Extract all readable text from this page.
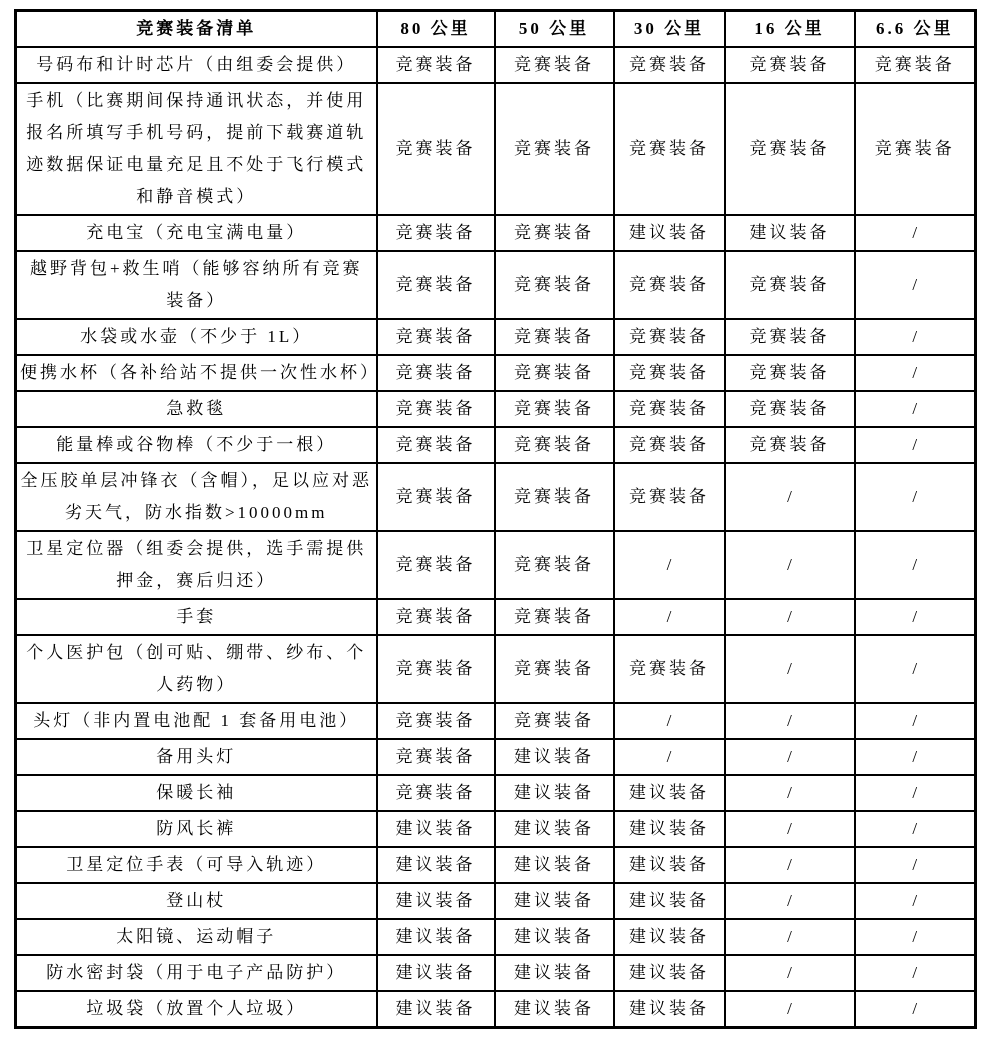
竞赛装备清单	80 公里	50 公里	30 公里	16 公里	6.6 公里
号码布和计时芯片（由组委会提供）	竞赛装备	竞赛装备	竞赛装备	竞赛装备	竞赛装备
手机（比赛期间保持通讯状态，并使用报名所填写手机号码，提前下载赛道轨迹数据保证电量充足且不处于飞行模式和静音模式）	竞赛装备	竞赛装备	竞赛装备	竞赛装备	竞赛装备
充电宝（充电宝满电量）	竞赛装备	竞赛装备	建议装备	建议装备	/
越野背包+救生哨（能够容纳所有竞赛装备）	竞赛装备	竞赛装备	竞赛装备	竞赛装备	/
水袋或水壶（不少于 1L）	竞赛装备	竞赛装备	竞赛装备	竞赛装备	/
便携水杯（各补给站不提供一次性水杯）	竞赛装备	竞赛装备	竞赛装备	竞赛装备	/
急救毯	竞赛装备	竞赛装备	竞赛装备	竞赛装备	/
能量棒或谷物棒（不少于一根）	竞赛装备	竞赛装备	竞赛装备	竞赛装备	/
全压胶单层冲锋衣（含帽），足以应对恶劣天气，防水指数>10000mm	竞赛装备	竞赛装备	竞赛装备	/	/
卫星定位器（组委会提供，选手需提供押金，赛后归还）	竞赛装备	竞赛装备	/	/	/
手套	竞赛装备	竞赛装备	/	/	/
个人医护包（创可贴、绷带、纱布、个人药物）	竞赛装备	竞赛装备	竞赛装备	/	/
头灯（非内置电池配 1 套备用电池）	竞赛装备	竞赛装备	/	/	/
备用头灯	竞赛装备	建议装备	/	/	/
保暖长袖	竞赛装备	建议装备	建议装备	/	/
防风长裤	建议装备	建议装备	建议装备	/	/
卫星定位手表（可导入轨迹）	建议装备	建议装备	建议装备	/	/
登山杖	建议装备	建议装备	建议装备	/	/
太阳镜、运动帽子	建议装备	建议装备	建议装备	/	/
防水密封袋（用于电子产品防护）	建议装备	建议装备	建议装备	/	/
垃圾袋（放置个人垃圾）	建议装备	建议装备	建议装备	/	/
